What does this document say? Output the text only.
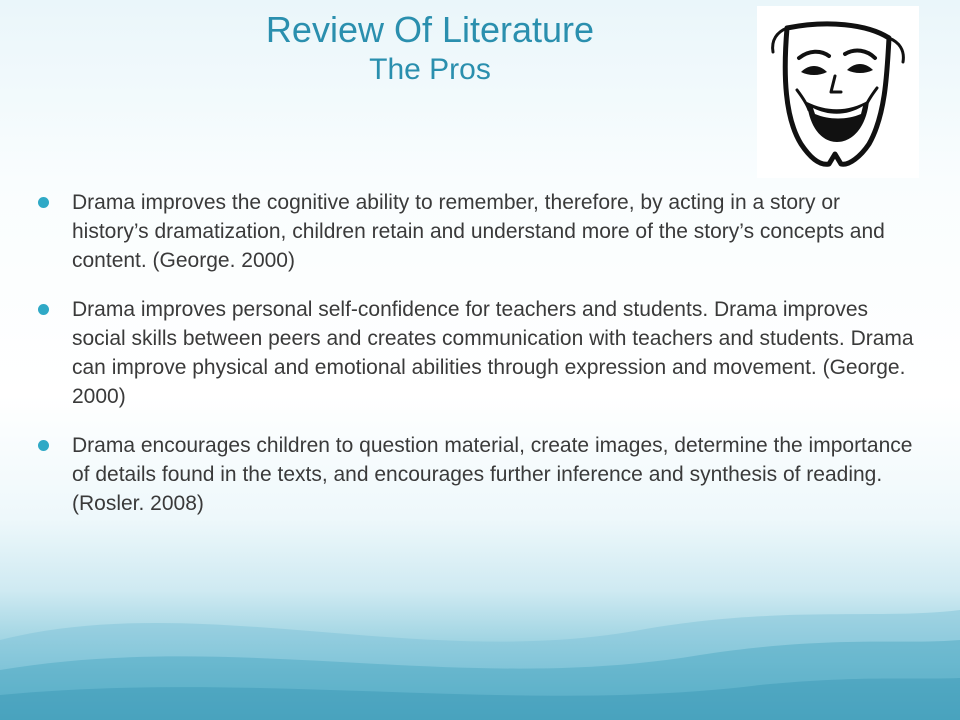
Review Of Literature
The Pros
Drama improves the cognitive ability to remember, therefore, by acting in a story or history’s dramatization, children retain and understand more of the story’s concepts and content. (George. 2000)
Drama improves personal self-confidence for teachers and students. Drama improves social skills between peers and creates communication with teachers and students. Drama can improve physical and emotional abilities through expression and movement. (George. 2000)
Drama encourages children to question material, create images, determine the importance of details found in the texts, and encourages further inference and synthesis of reading. (Rosler. 2008)
